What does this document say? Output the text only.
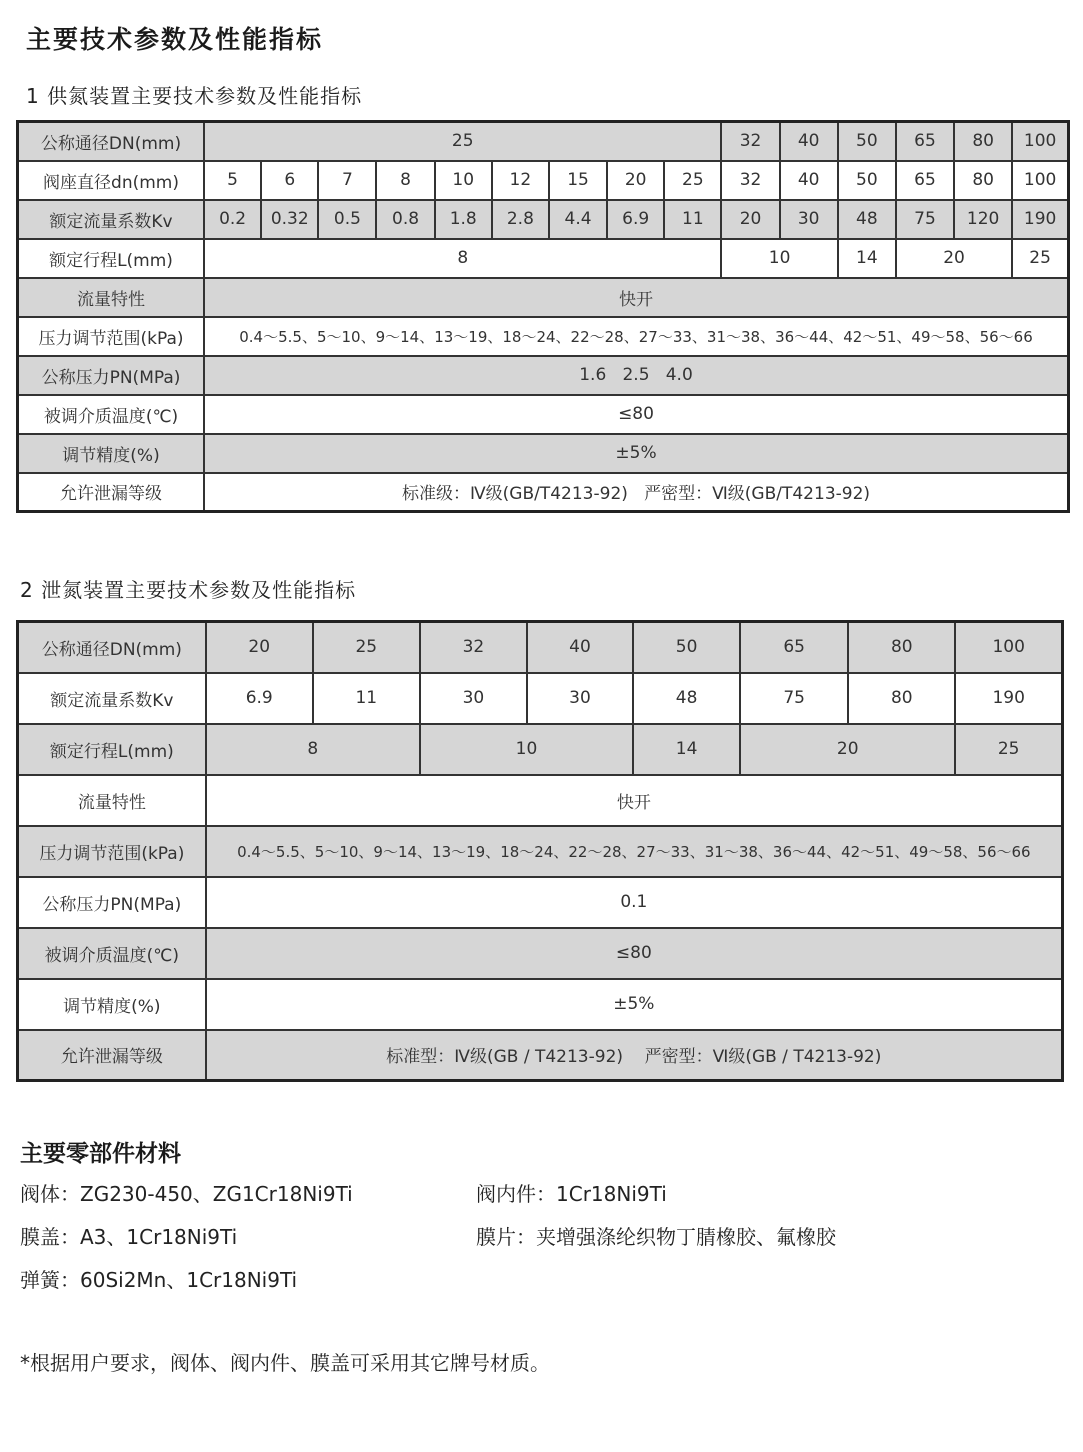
主要技术参数及性能指标
1 供氮装置主要技术参数及性能指标
公称通径DN(mm)	25									32	40	50	65	80	100
阀座直径dn(mm)	5	6	7	8	10	12	15	20	25	32	40	50	65	80	100
额定流量系数Kv	0.2	0.32	0.5	0.8	1.8	2.8	4.4	6.9	11	20	30	48	75	120	190
额定行程L(mm)	8									10		14	20		25
流量特性	快开														
压力调节范围(kPa)	0.4～5.5、5～10、9～14、13～19、18～24、22～28、27～33、31～38、36～44、42～51、49～58、56～66														
公称压力PN(MPa)	1.6   2.5   4.0														
被调介质温度(℃)	≤80														
调节精度(%)	±5%														
允许泄漏等级	标准级：Ⅳ级(GB/T4213-92)   严密型：Ⅵ级(GB/T4213-92)														
2 泄氮装置主要技术参数及性能指标
公称通径DN(mm)	20	25	32	40	50	65	80	100
额定流量系数Kv	6.9	11	30	30	48	75	80	190
额定行程L(mm)	8		10		14	20		25
流量特性	快开							
压力调节范围(kPa)	0.4～5.5、5～10、9～14、13～19、18～24、22～28、27～33、31～38、36～44、42～51、49～58、56～66							
公称压力PN(MPa)	0.1							
被调介质温度(℃)	≤80							
调节精度(%)	±5%							
允许泄漏等级	标准型：Ⅳ级(GB / T4213-92)    严密型：Ⅵ级(GB / T4213-92)							
主要零部件材料
阀体：ZG230-450、ZG1Cr18Ni9Ti	阀内件：1Cr18Ni9Ti
膜盖：A3、1Cr18Ni9Ti	膜片：夹增强涤纶织物丁腈橡胶、氟橡胶
弹簧：60Si2Mn、1Cr18Ni9Ti
*根据用户要求，阀体、阀内件、膜盖可采用其它牌号材质。
